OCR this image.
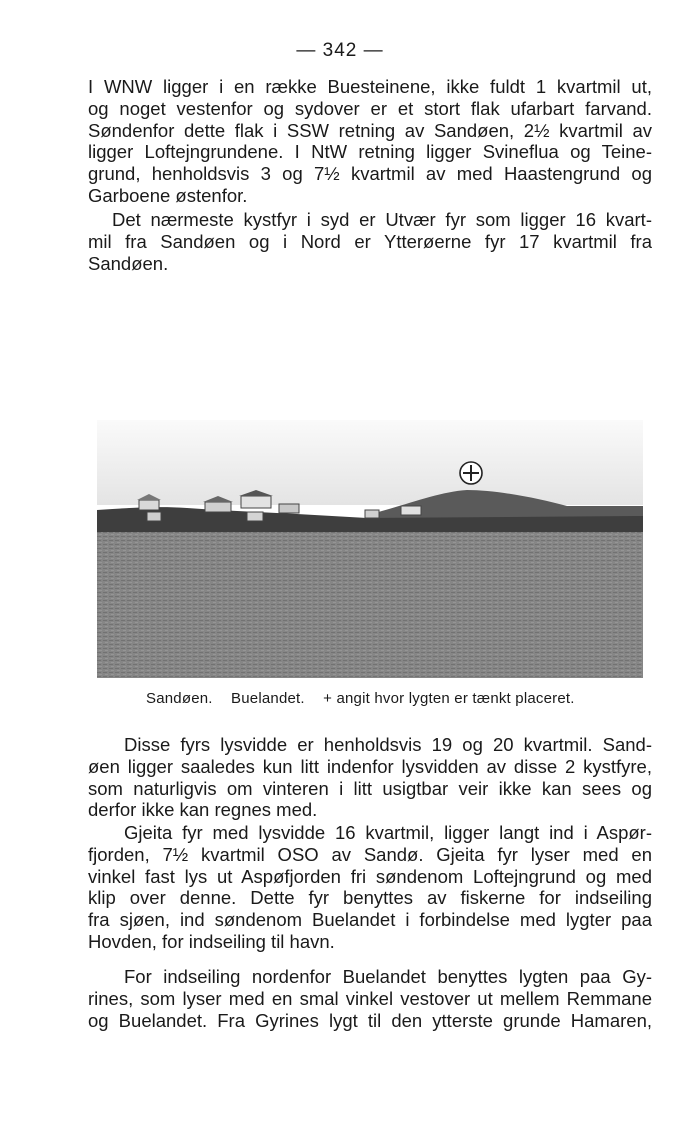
— 342 —
I WNW ligger i en række Buesteinene, ikke fuldt 1 kvartmil ut,
og noget vestenfor og sydover er et stort flak ufarbart farvand.
Søndenfor dette flak i SSW retning av Sandøen, 2½ kvartmil av
ligger Loftejngrundene. I NtW retning ligger Svineflua og Teine-
grund, henholdsvis 3 og 7½ kvartmil av med Haastengrund og
Garboene østenfor.
Det nærmeste kystfyr i syd er Utvær fyr som ligger 16 kvart-
mil fra Sandøen og i Nord er Ytterøerne fyr 17 kvartmil fra
Sandøen.
Sandøen. Buelandet. + angit hvor lygten er tænkt placeret.
Disse fyrs lysvidde er henholdsvis 19 og 20 kvartmil. Sand-
øen ligger saaledes kun litt indenfor lysvidden av disse 2 kystfyre,
som naturligvis om vinteren i litt usigtbar veir ikke kan sees og
derfor ikke kan regnes med.
Gjeita fyr med lysvidde 16 kvartmil, ligger langt ind i Aspør-
fjorden, 7½ kvartmil OSO av Sandø. Gjeita fyr lyser med en
vinkel fast lys ut Aspøfjorden fri søndenom Loftejngrund og med
klip over denne. Dette fyr benyttes av fiskerne for indseiling
fra sjøen, ind søndenom Buelandet i forbindelse med lygter paa
Hovden, for indseiling til havn.
For indseiling nordenfor Buelandet benyttes lygten paa Gy-
rines, som lyser med en smal vinkel vestover ut mellem Remmane
og Buelandet. Fra Gyrines lygt til den ytterste grunde Hamaren,
